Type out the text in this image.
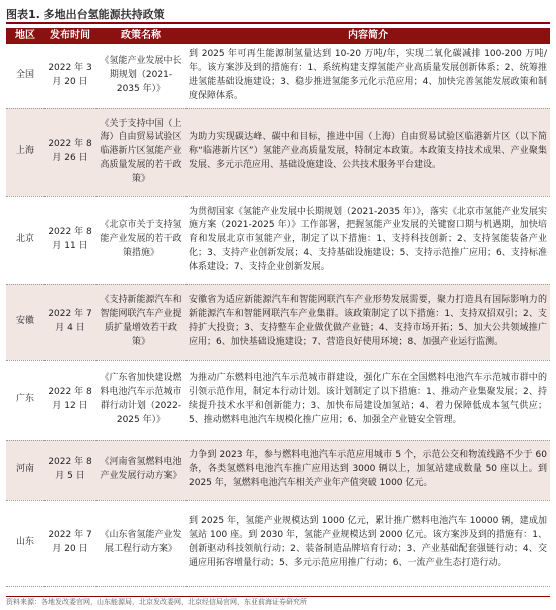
图表1. 多地出台氢能源扶持政策
地区	发布时间	政策名称	内容简介
全国	2022 年 3 月 20 日	《氢能产业发展中长期规划（2021-2035 年）》	到 2025 年可再生能源制氢量达到 10-20 万吨/年，实现二氧化碳减排 100-200 万吨/年。该方案涉及到的措施有：1、系统构建支撑氢能产业高质量发展创新体系；2、统筹推进氢能基础设施建设；3、稳步推进氢能多元化示范应用；4、加快完善氢能发展政策和制度保障体系。
上海	2022 年 8 月 26 日	《关于支持中国（上海）自由贸易试验区临港新片区氢能产业高质量发展的若干政策》	为助力实现碳达峰、碳中和目标，推进中国（上海）自由贸易试验区临港新片区（以下简称“临港新片区”）氢能产业高质量发展，特制定本政策。本政策支持技术成果、产业聚集发展、多元示范应用、基础设施建设、公共技术服务平台建设。
北京	2022 年 8 月 11 日	《北京市关于支持氢能产业发展的若干政策措施》	为贯彻国家《氢能产业发展中长期规划（2021-2035 年）》，落实《北京市氢能产业发展实施方案（2021-2025 年）》工作部署，把握氢能产业发展的关键窗口期与机遇期，加快培育和发展北京市氢能产业，制定了以下措施：1、支持科技创新；2、支持氢能装备产业化；3、支持产业创新发展；4、支持基础设施建设；5、支持示范推广应用；6、支持标准体系建设；7、支持企业创新发展。
安徽	2022 年 7 月 4 日	《支持新能源汽车和智能网联汽车产业提质扩量增效若干政策》	安徽省为适应新能源汽车和智能网联汽车产业形势发展需要，聚力打造具有国际影响力的新能源汽车和智能网联汽车产业集群。该政策制定了以下措施：1、支持双招双引；2、支持扩大投资；3、支持整车企业做优做产业链；4、支持市场开拓；5、加大公共领域推广应用；6、加快基础设施建设；7、营造良好使用环境；8、加强产业运行监测。
广东	2022 年 8 月 12 日	《广东省加快建设燃料电池汽车示范城市群行动计划（2022-2025 年）》	为推动广东燃料电池汽车示范城市群建设，强化广东在全国燃料电池汽车示范城市群中的引领示范作用，制定本行动计划。该计划制定了以下措施：1、推动产业集聚发展；2、持续提升技术水平和创新能力；3、加快布局建设加氢站；4、着力保障低成本氢气供应；5、推动燃料电池汽车规模化推广应用；6、加强全产业链安全管理。
河南	2022 年 8 月 5 日	《河南省氢燃料电池产业发展行动方案》	力争到 2023 年，参与燃料电池汽车示范应用城市 5 个，示范公交和物流线路不少于 60 条，各类氢燃料电池汽车推广应用达到 3000 辆以上，加氢站建成数量 50 座以上。到 2025 年，氢燃料电池汽车相关产业年产值突破 1000 亿元。
山东	2022 年 7 月 20 日	《山东省氢能产业发展工程行动方案》	到 2025 年，氢能产业规模达到 1000 亿元，累计推广燃料电池汽车 10000 辆，建成加氢站 100 座。到 2030 年，氢能产业规模达到 2000 亿元。该方案涉及到的措施有：1、创新驱动科技领航行动；2、装备制造品牌培育行动；3、产业基础配套强链行动；4、交通应用拓容增量行动；5、多元示范应用推广行动；6、一流产业生态打造行动。
资料来源：各地发改委官网，山东能源局，北京发改委网，北京经信局官网，东亚前海证券研究所
